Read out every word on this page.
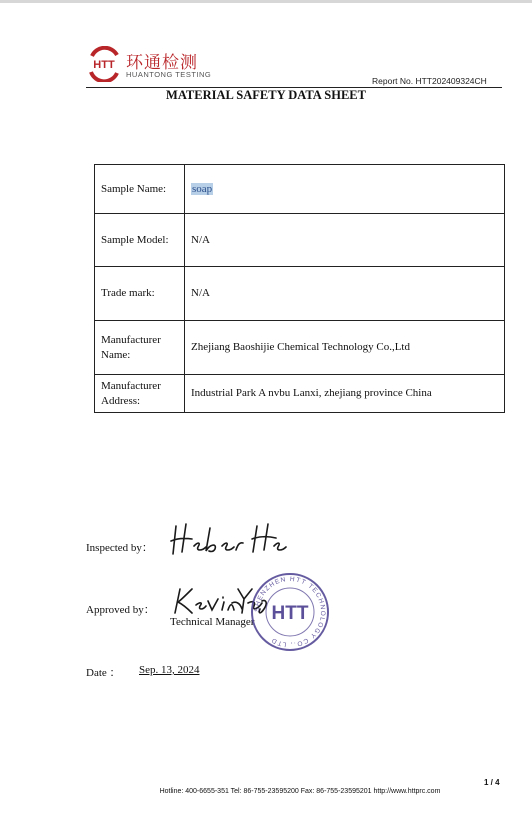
HTT 环通检测
HUANTONG TESTING
Report No. HTT202409324CH
MATERIAL SAFETY DATA SHEET
Sample Name:	soap
Sample Model:	N/A
Trade mark:	N/A
Manufacturer Name:	Zhejiang Baoshijie Chemical Technology Co.,Ltd
Manufacturer Address:	Industrial Park A nvbu Lanxi, zhejiang province China
Inspected by：
Approved by：
Technical Manager
SHENZHEN HTT TECHNOLOGY CO., LTD
HTT
Date ： Sep. 13, 2024
1 / 4
Hotline: 400-6655-351 Tel: 86-755-23595200 Fax: 86-755-23595201 http://www.httprc.com
